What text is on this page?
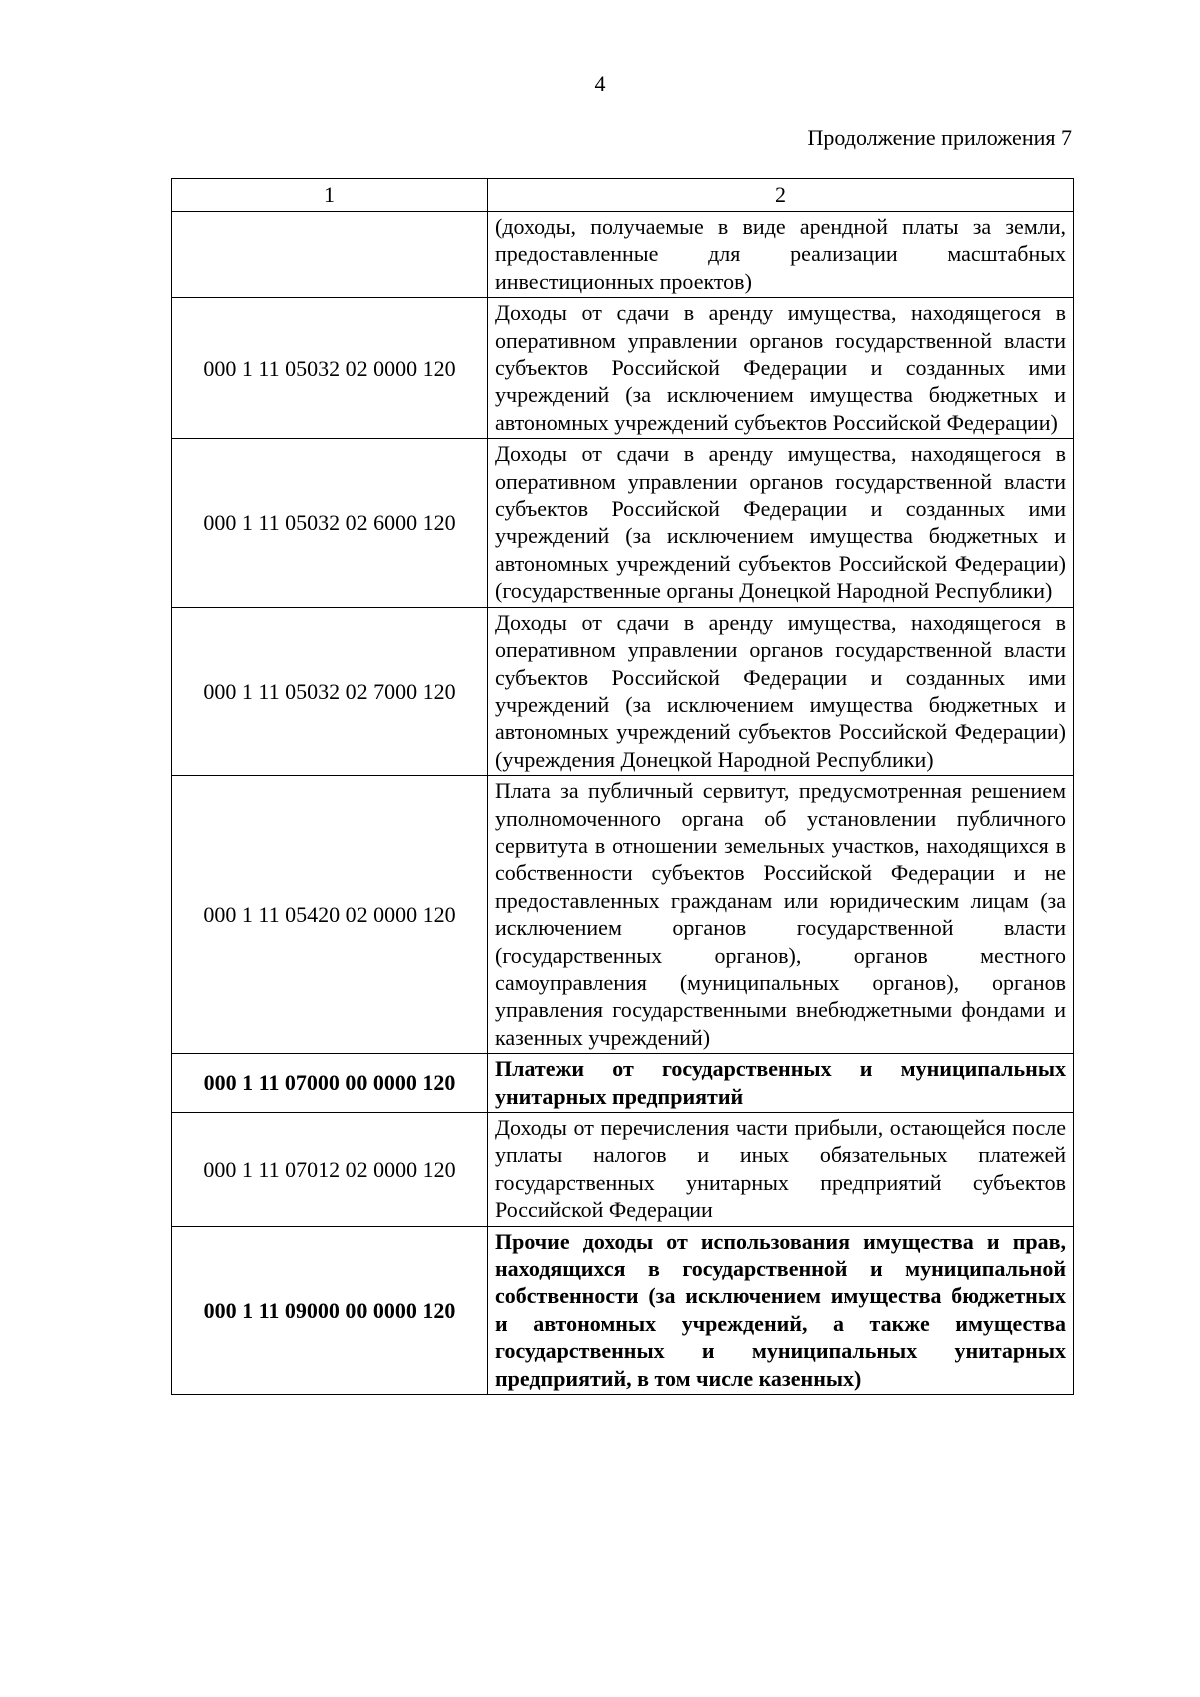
4
Продолжение приложения 7
1	2
	(доходы, получаемые в виде арендной платы за земли, предоставленные для реализации масштабных инвестиционных проектов)
000 1 11 05032 02 0000 120	Доходы от сдачи в аренду имущества, находящегося в оперативном управлении органов государственной власти субъектов Российской Федерации и созданных ими учреждений (за исключением имущества бюджетных и автономных учреждений субъектов Российской Федерации)
000 1 11 05032 02 6000 120	Доходы от сдачи в аренду имущества, находящегося в оперативном управлении органов государственной власти субъектов Российской Федерации и созданных ими учреждений (за исключением имущества бюджетных и автономных учреждений субъектов Российской Федерации) (государственные органы Донецкой Народной Республики)
000 1 11 05032 02 7000 120	Доходы от сдачи в аренду имущества, находящегося в оперативном управлении органов государственной власти субъектов Российской Федерации и созданных ими учреждений (за исключением имущества бюджетных и автономных учреждений субъектов Российской Федерации) (учреждения Донецкой Народной Республики)
000 1 11 05420 02 0000 120	Плата за публичный сервитут, предусмотренная решением уполномоченного органа об установлении публичного сервитута в отношении земельных участков, находящихся в собственности субъектов Российской Федерации и не предоставленных гражданам или юридическим лицам (за исключением органов государственной власти (государственных органов), органов местного самоуправления (муниципальных органов), органов управления государственными внебюджетными фондами и казенных учреждений)
000 1 11 07000 00 0000 120	Платежи от государственных и муниципальных унитарных предприятий
000 1 11 07012 02 0000 120	Доходы от перечисления части прибыли, остающейся после уплаты налогов и иных обязательных платежей государственных унитарных предприятий субъектов Российской Федерации
000 1 11 09000 00 0000 120	Прочие доходы от использования имущества и прав, находящихся в государственной и муниципальной собственности (за исключением имущества бюджетных и автономных учреждений, а также имущества государственных и муниципальных унитарных предприятий, в том числе казенных)
